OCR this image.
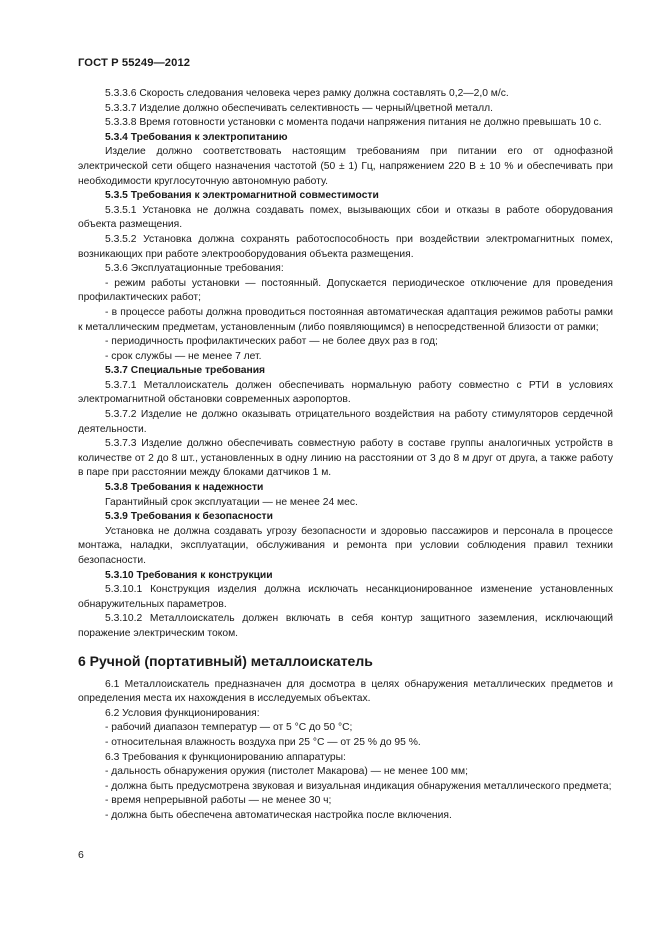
ГОСТ Р 55249—2012

5.3.3.6 Скорость следования человека через рамку должна составлять 0,2—2,0 м/с.

5.3.3.7 Изделие должно обеспечивать селективность — черный/цветной металл.

5.3.3.8 Время готовности установки с момента подачи напряжения питания не должно превышать 10 с.

5.3.4 Требования к электропитанию

Изделие должно соответствовать настоящим требованиям при питании его от однофазной электрической сети общего назначения частотой (50 ± 1) Гц, напряжением 220 В ± 10 % и обеспечивать при необходимости круглосуточную автономную работу.

5.3.5 Требования к электромагнитной совместимости

5.3.5.1 Установка не должна создавать помех, вызывающих сбои и отказы в работе оборудования объекта размещения.

5.3.5.2 Установка должна сохранять работоспособность при воздействии электромагнитных помех, возникающих при работе электрооборудования объекта размещения.

5.3.6 Эксплуатационные требования:

- режим работы установки — постоянный. Допускается периодическое отключение для проведения профилактических работ;

- в процессе работы должна проводиться постоянная автоматическая адаптация режимов работы рамки к металлическим предметам, установленным (либо появляющимся) в непосредственной близости от рамки;

- периодичность профилактических работ — не более двух раз в год;

- срок службы — не менее 7 лет.

5.3.7 Специальные требования

5.3.7.1 Металлоискатель должен обеспечивать нормальную работу совместно с РТИ в условиях электромагнитной обстановки современных аэропортов.

5.3.7.2 Изделие не должно оказывать отрицательного воздействия на работу стимуляторов сердечной деятельности.

5.3.7.3 Изделие должно обеспечивать совместную работу в составе группы аналогичных устройств в количестве от 2 до 8 шт., установленных в одну линию на расстоянии от 3 до 8 м друг от друга, а также работу в паре при расстоянии между блоками датчиков 1 м.

5.3.8 Требования к надежности

Гарантийный срок эксплуатации — не менее 24 мес.

5.3.9 Требования к безопасности

Установка не должна создавать угрозу безопасности и здоровью пассажиров и персонала в процессе монтажа, наладки, эксплуатации, обслуживания и ремонта при условии соблюдения правил техники безопасности.

5.3.10 Требования к конструкции

5.3.10.1 Конструкция изделия должна исключать несанкционированное изменение установленных обнаружительных параметров.

5.3.10.2 Металлоискатель должен включать в себя контур защитного заземления, исключающий поражение электрическим током.

6 Ручной (портативный) металлоискатель

6.1 Металлоискатель предназначен для досмотра в целях обнаружения металлических предметов и определения места их нахождения в исследуемых объектах.

6.2 Условия функционирования:

- рабочий диапазон температур — от 5 °С до 50 °С;

- относительная влажность воздуха при 25 °С — от 25 % до 95 %.

6.3 Требования к функционированию аппаратуры:

- дальность обнаружения оружия (пистолет Макарова) — не менее 100 мм;

- должна быть предусмотрена звуковая и визуальная индикация обнаружения металлического предмета;

- время непрерывной работы — не менее 30 ч;

- должна быть обеспечена автоматическая настройка после включения.

6
